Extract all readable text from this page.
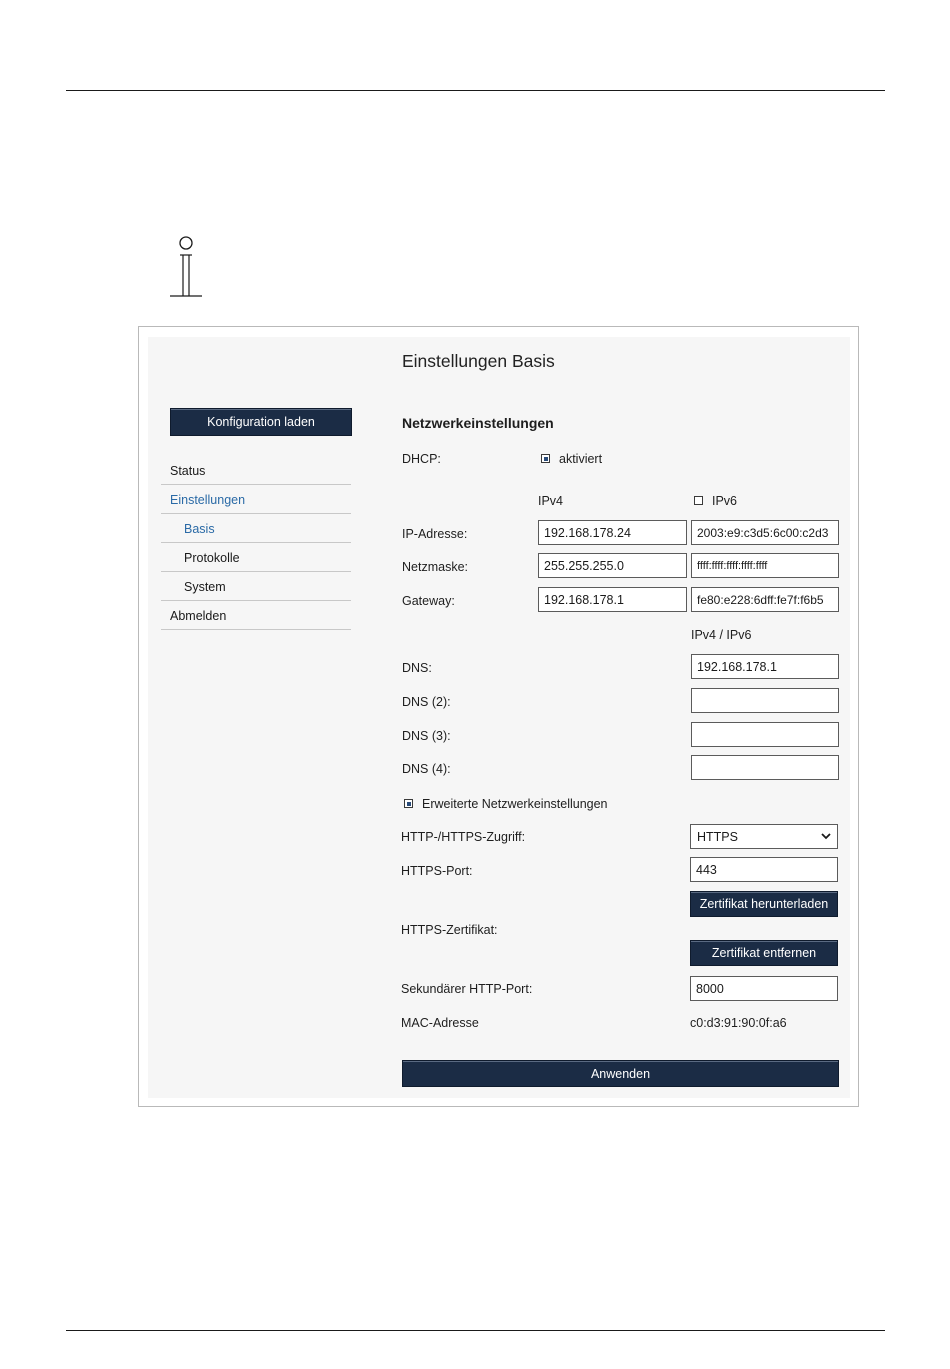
Konfiguration laden
Status
Einstellungen
Basis
Protokolle
System
Abmelden
Einstellungen Basis
Netzwerkeinstellungen
DHCP:	aktiviert
IPv4	IPv6
IP-Adresse:	192.168.178.24	2003:e9:c3d5:6c00:c2d3
Netzmaske:	255.255.255.0	ffff:ffff:ffff:ffff:ffff
Gateway:	192.168.178.1	fe80:e228:6dff:fe7f:f6b5
IPv4 / IPv6
DNS:	192.168.178.1
DNS (2):
DNS (3):
DNS (4):
Erweiterte Netzwerkeinstellungen
HTTP-/HTTPS-Zugriff:	HTTPS
HTTPS-Port:	443
Zertifikat herunterladen
HTTPS-Zertifikat:
Zertifikat entfernen
Sekundärer HTTP-Port:	8000
MAC-Adresse	c0:d3:91:90:0f:a6
Anwenden
